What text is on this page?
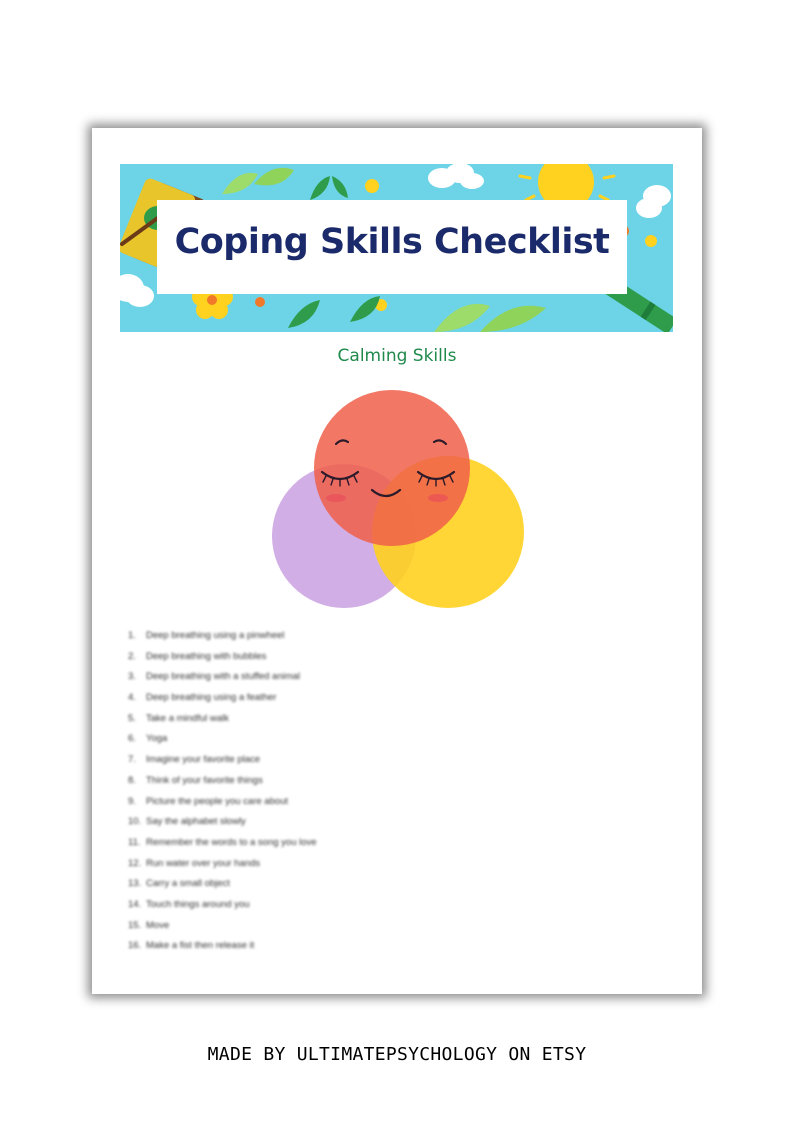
Coping Skills Checklist
Calming Skills
1. Deep breathing using a pinwheel
2. Deep breathing with bubbles
3. Deep breathing with a stuffed animal
4. Deep breathing using a feather
5. Take a mindful walk
6. Yoga
7. Imagine your favorite place
8. Think of your favorite things
9. Picture the people you care about
10. Say the alphabet slowly
11. Remember the words to a song you love
12. Run water over your hands
13. Carry a small object
14. Touch things around you
15. Move
16. Make a fist then release it
MADE BY ULTIMATEPSYCHOLOGY ON ETSY
